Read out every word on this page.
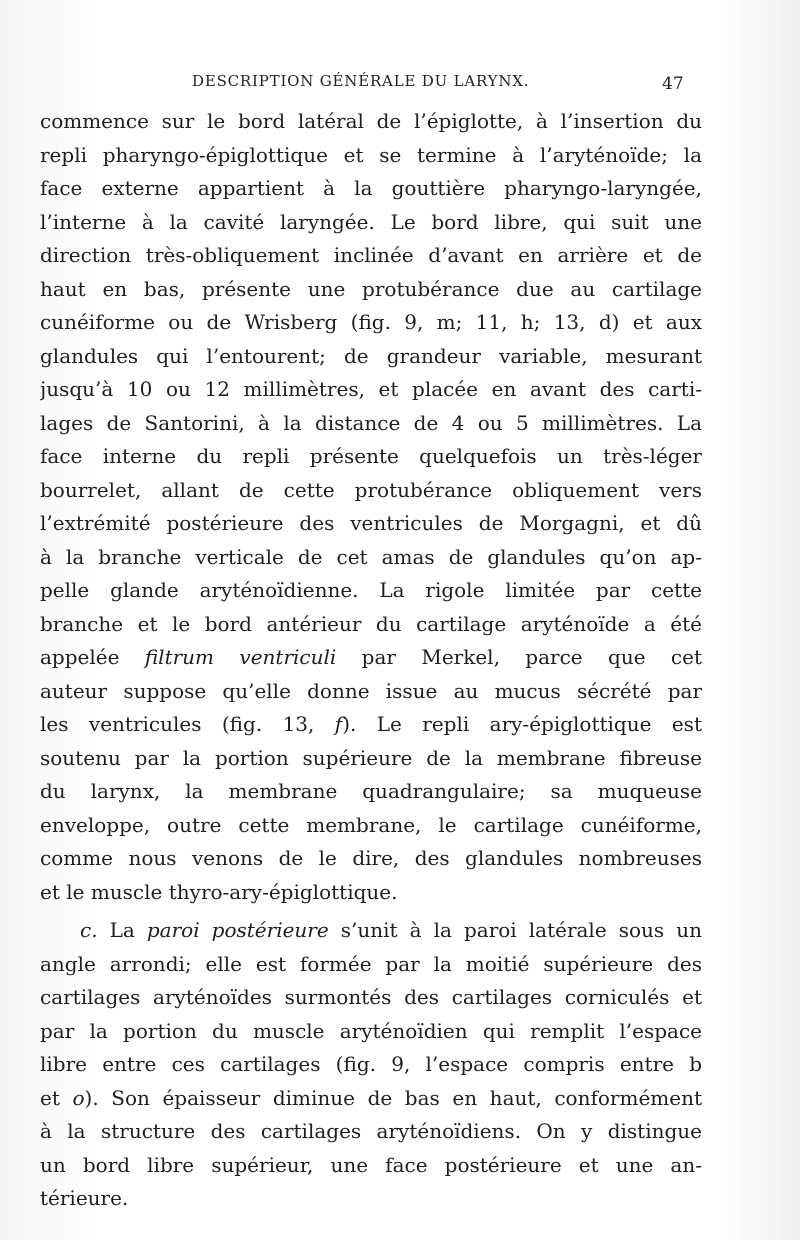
DESCRIPTION GÉNÉRALE DU LARYNX.	47
commence sur le bord latéral de l’épiglotte, à l’insertion du
repli pharyngo-épiglottique et se termine à l’aryténoïde; la
face externe appartient à la gouttière pharyngo-laryngée,
l’interne à la cavité laryngée. Le bord libre, qui suit une
direction très-obliquement inclinée d’avant en arrière et de
haut en bas, présente une protubérance due au cartilage
cunéiforme ou de Wrisberg (fig. 9, m; 11, h; 13, d) et aux
glandules qui l’entourent; de grandeur variable, mesurant
jusqu’à 10 ou 12 millimètres, et placée en avant des carti-
lages de Santorini, à la distance de 4 ou 5 millimètres. La
face interne du repli présente quelquefois un très-léger
bourrelet, allant de cette protubérance obliquement vers
l’extrémité postérieure des ventricules de Morgagni, et dû
à la branche verticale de cet amas de glandules qu’on ap-
pelle glande aryténoïdienne. La rigole limitée par cette
branche et le bord antérieur du cartilage aryténoïde a été
appelée filtrum ventriculi par Merkel, parce que cet
auteur suppose qu’elle donne issue au mucus sécrété par
les ventricules (fig. 13, f). Le repli ary-épiglottique est
soutenu par la portion supérieure de la membrane fibreuse
du larynx, la membrane quadrangulaire; sa muqueuse
enveloppe, outre cette membrane, le cartilage cunéiforme,
comme nous venons de le dire, des glandules nombreuses
et le muscle thyro-ary-épiglottique.
c. La paroi postérieure s’unit à la paroi latérale sous un
angle arrondi; elle est formée par la moitié supérieure des
cartilages aryténoïdes surmontés des cartilages corniculés et
par la portion du muscle aryténoïdien qui remplit l’espace
libre entre ces cartilages (fig. 9, l’espace compris entre b
et o). Son épaisseur diminue de bas en haut, conformément
à la structure des cartilages aryténoïdiens. On y distingue
un bord libre supérieur, une face postérieure et une an-
térieure.
